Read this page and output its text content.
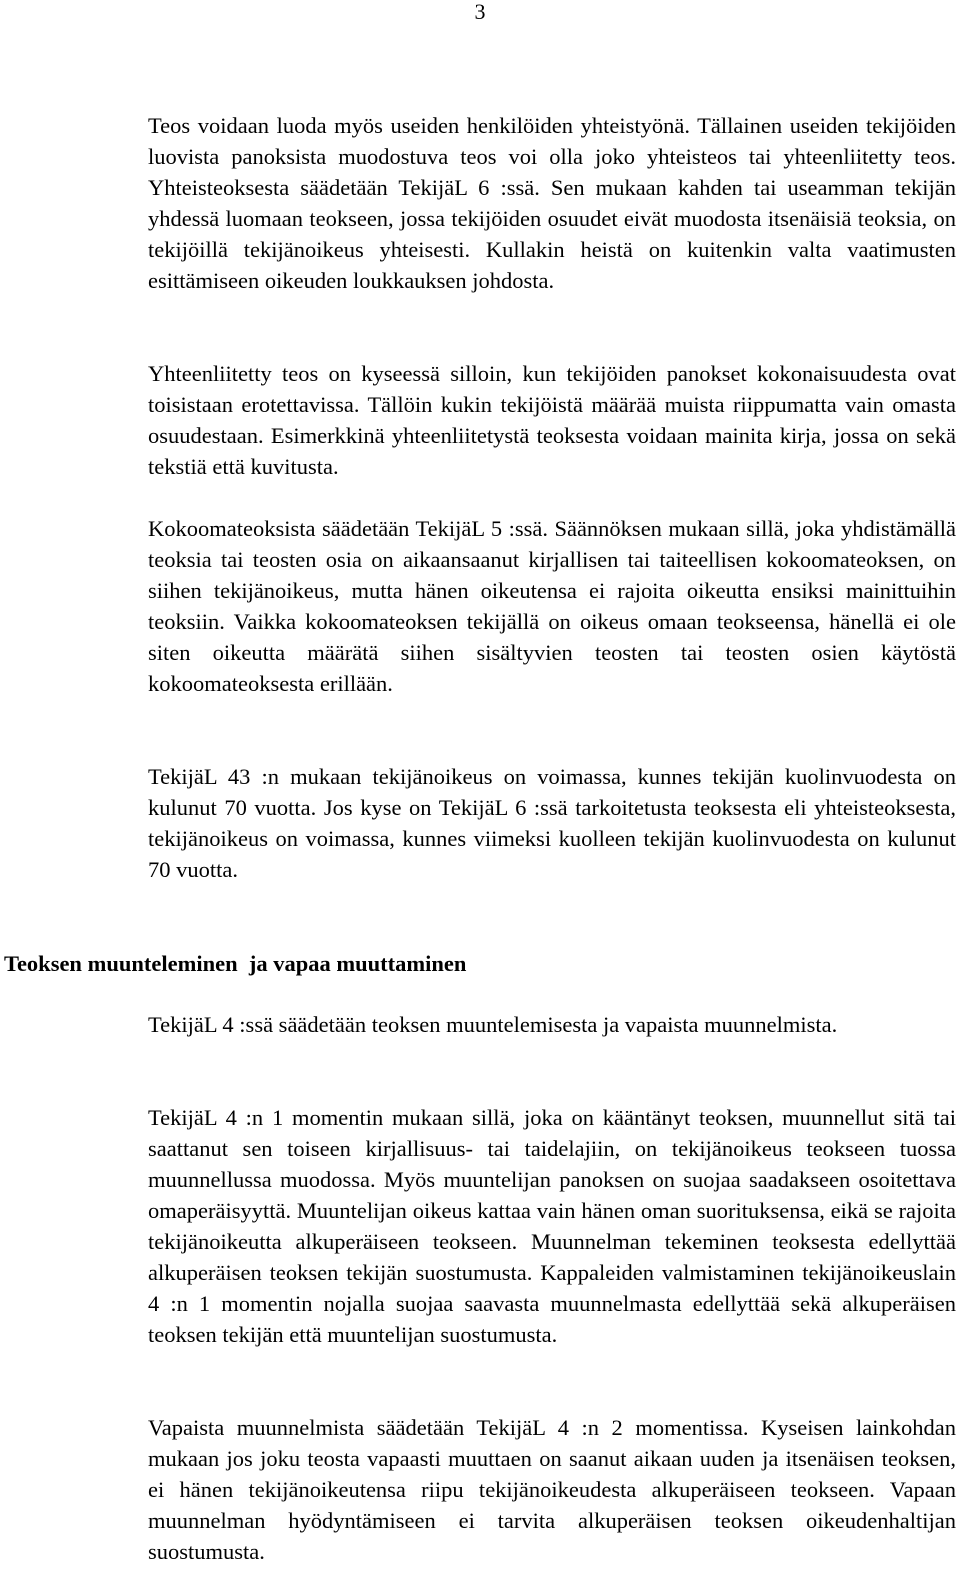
3

Teos voidaan luoda myös useiden henkilöiden yhteistyönä. Tällainen useiden tekijöiden luovista panoksista muodostuva teos voi olla joko yhteisteos tai yhteenliitetty teos. Yhteisteoksesta säädetään TekijäL 6 :ssä. Sen mukaan kahden tai useamman tekijän yhdessä luomaan teokseen, jossa tekijöiden osuudet eivät muodosta itsenäisiä teoksia, on tekijöillä tekijänoikeus yhteisesti. Kullakin heistä on kuitenkin valta vaatimusten esittämiseen oikeuden loukkauksen johdosta.

Yhteenliitetty teos on kyseessä silloin, kun tekijöiden panokset kokonaisuudesta ovat toisistaan erotettavissa. Tällöin kukin tekijöistä määrää muista riippumatta vain omasta osuudestaan. Esimerkkinä yhteenliitetystä teoksesta voidaan mainita kirja, jossa on sekä tekstiä että kuvitusta.

Kokoomateoksista säädetään TekijäL 5 :ssä. Säännöksen mukaan sillä, joka yhdistämällä teoksia tai teosten osia on aikaansaanut kirjallisen tai taiteellisen kokoomateoksen, on siihen tekijänoikeus, mutta hänen oikeutensa ei rajoita oikeutta ensiksi mainittuihin teoksiin. Vaikka kokoomateoksen tekijällä on oikeus omaan teokseensa, hänellä ei ole siten oikeutta määrätä siihen sisältyvien teosten tai teosten osien käytöstä kokoomateoksesta erillään.

TekijäL 43 :n mukaan tekijänoikeus on voimassa, kunnes tekijän kuolinvuodesta on kulunut 70 vuotta. Jos kyse on TekijäL 6 :ssä tarkoitetusta teoksesta eli yhteisteoksesta, tekijänoikeus on voimassa, kunnes viimeksi kuolleen tekijän kuolinvuodesta on kulunut 70 vuotta.

Teoksen muunteleminen  ja vapaa muuttaminen

TekijäL 4 :ssä säädetään teoksen muuntelemisesta ja vapaista muunnelmista.

TekijäL 4 :n 1 momentin mukaan sillä, joka on kääntänyt teoksen, muunnellut sitä tai saattanut sen toiseen kirjallisuus- tai taidelajiin, on tekijänoikeus teokseen tuossa muunnellussa muodossa. Myös muuntelijan panoksen on suojaa saadakseen osoitettava omaperäisyyttä. Muuntelijan oikeus kattaa vain hänen oman suorituksensa, eikä se rajoita tekijänoikeutta alkuperäiseen teokseen. Muunnelman tekeminen teoksesta edellyttää alkuperäisen teoksen tekijän suostumusta. Kappaleiden valmistaminen tekijänoikeuslain 4 :n 1 momentin nojalla suojaa saavasta muunnelmasta edellyttää sekä alkuperäisen teoksen tekijän että muuntelijan suostumusta.

Vapaista muunnelmista säädetään TekijäL 4 :n 2 momentissa. Kyseisen lainkohdan mukaan jos joku teosta vapaasti muuttaen on saanut aikaan uuden ja itsenäisen teoksen, ei hänen tekijänoikeutensa riipu tekijänoikeudesta alkuperäiseen teokseen. Vapaan muunnelman hyödyntämiseen ei tarvita alkuperäisen teoksen oikeudenhaltijan suostumusta.
